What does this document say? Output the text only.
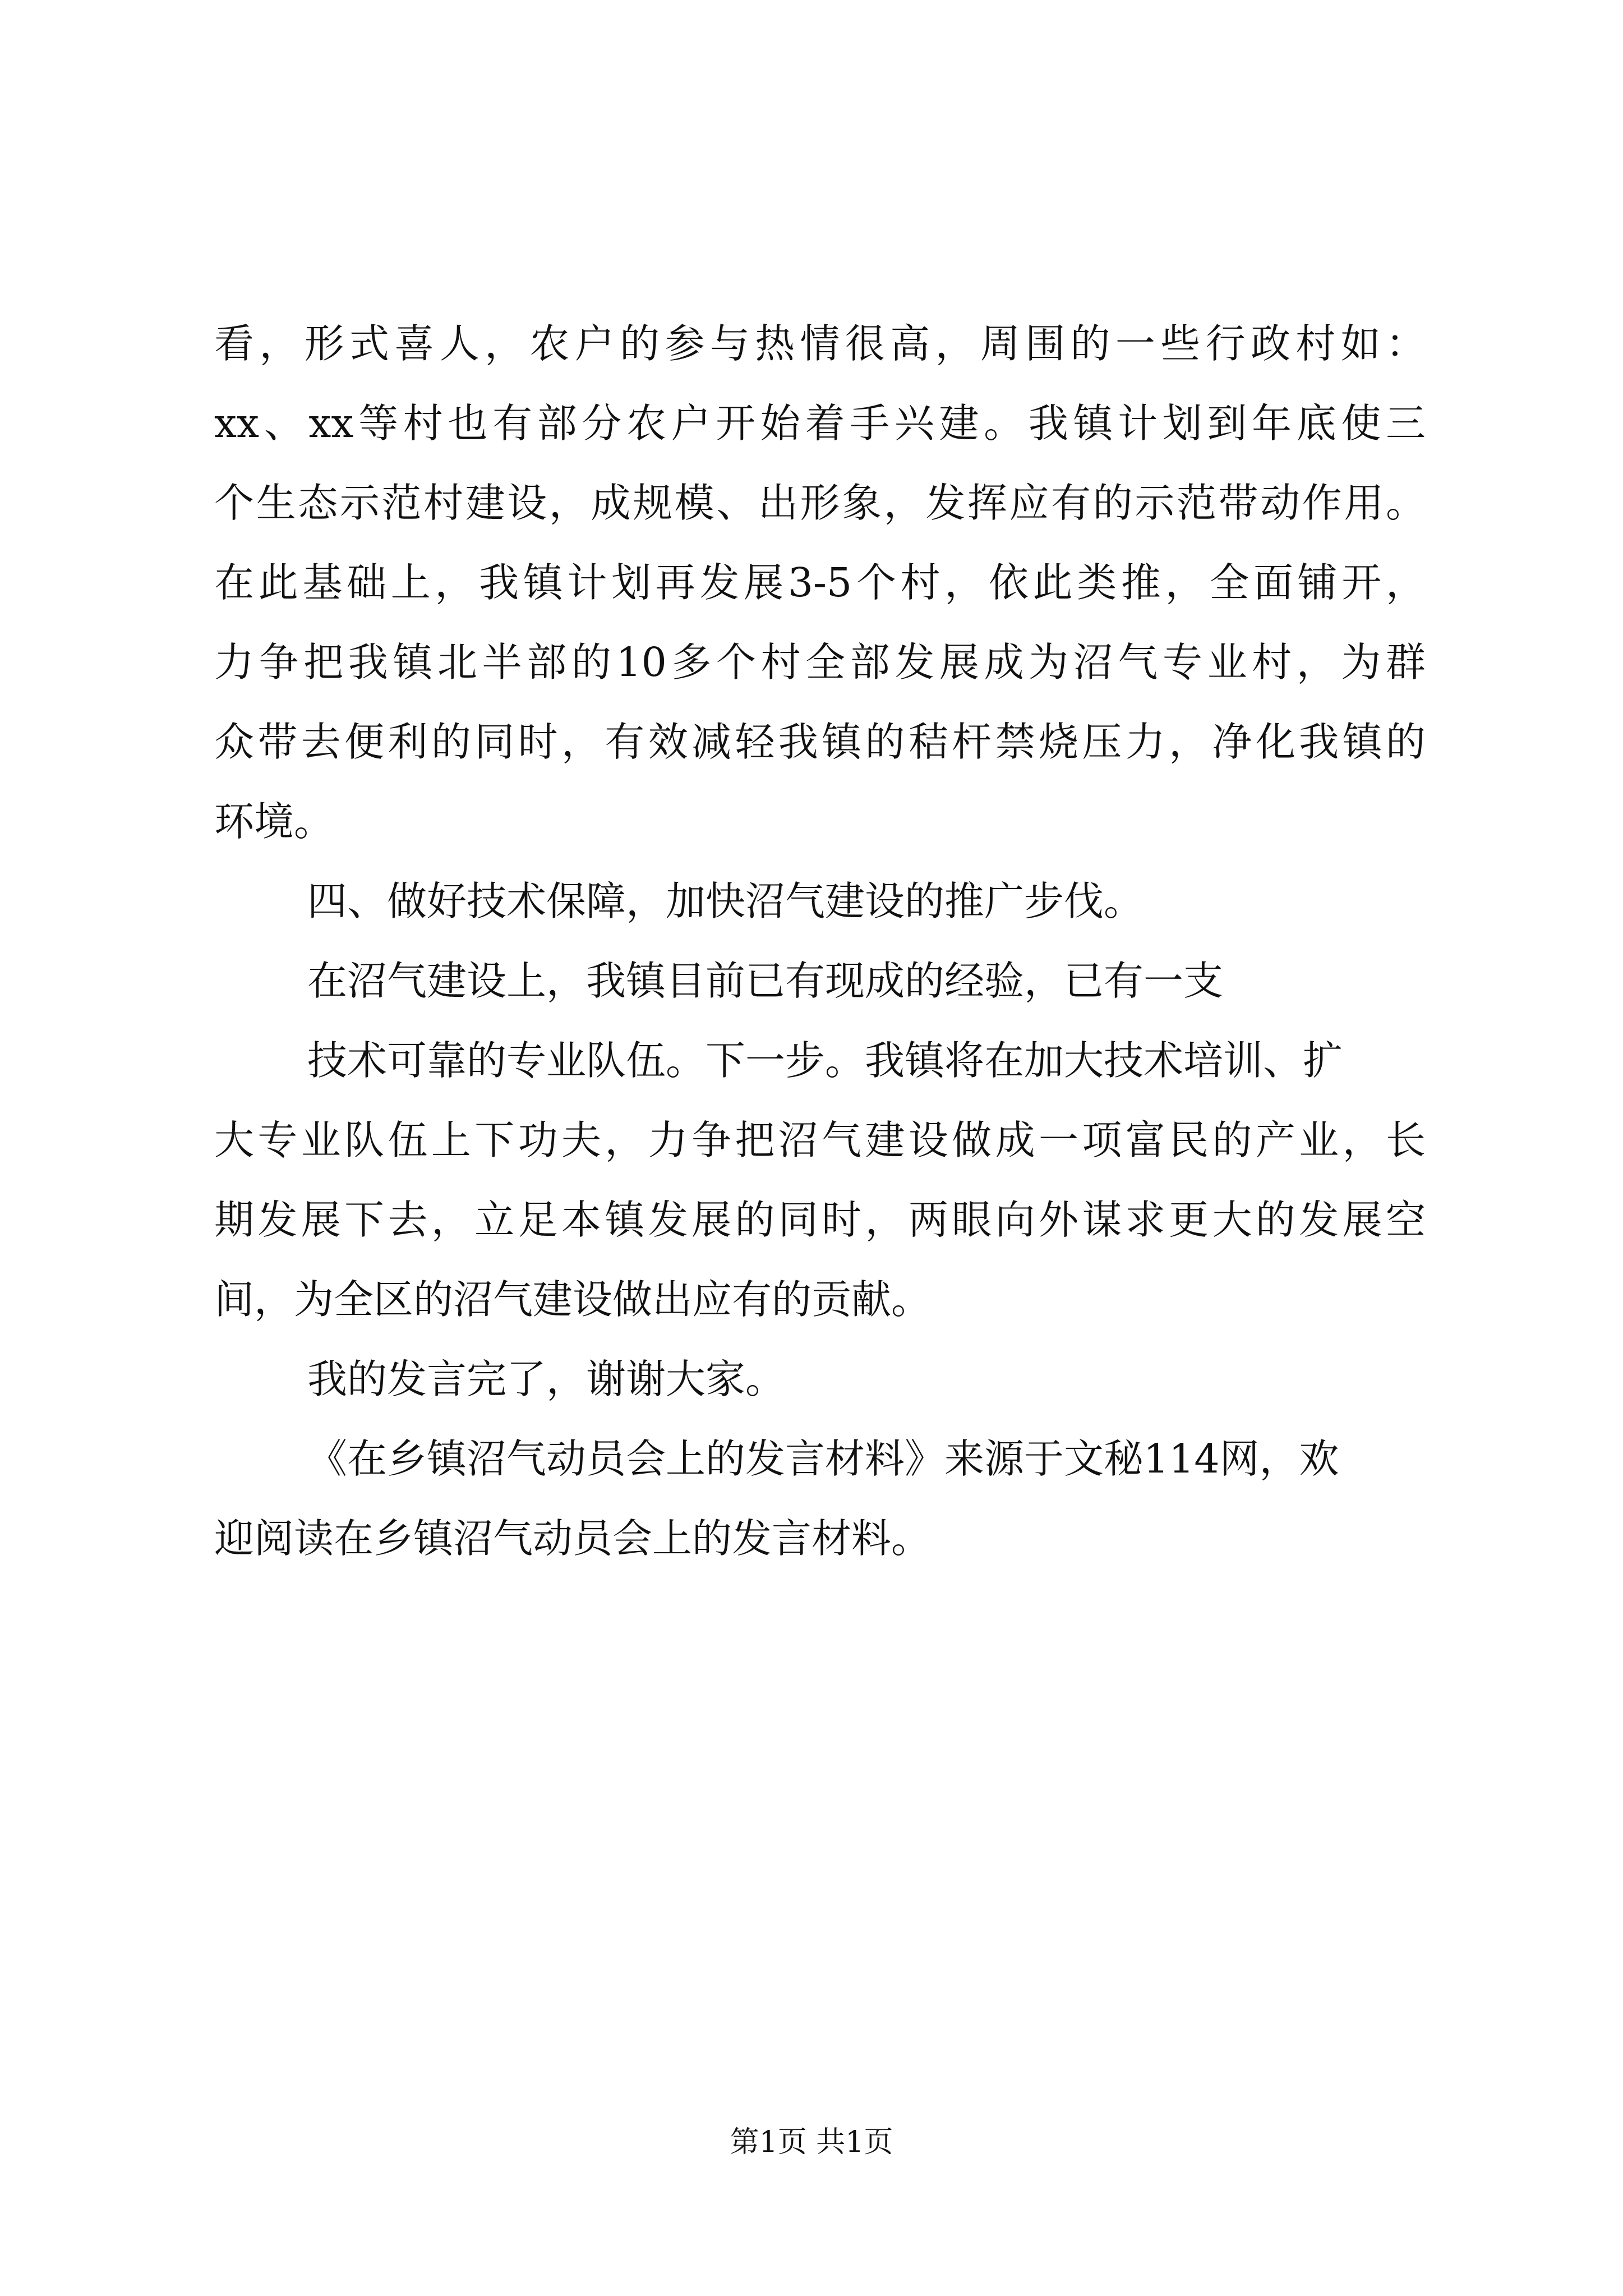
看，形式喜人，农户的参与热情很高，周围的一些行政村如：
xx、xx等村也有部分农户开始着手兴建。我镇计划到年底使三
个生态示范村建设，成规模、出形象，发挥应有的示范带动作用。
在此基础上，我镇计划再发展3-5个村，依此类推，全面铺开，
力争把我镇北半部的10多个村全部发展成为沼气专业村，为群
众带去便利的同时，有效减轻我镇的秸杆禁烧压力，净化我镇的
环境。
四、做好技术保障，加快沼气建设的推广步伐。
在沼气建设上，我镇目前已有现成的经验，已有一支
技术可靠的专业队伍。下一步。我镇将在加大技术培训、扩
大专业队伍上下功夫，力争把沼气建设做成一项富民的产业，长
期发展下去，立足本镇发展的同时，两眼向外谋求更大的发展空
间，为全区的沼气建设做出应有的贡献。
我的发言完了，谢谢大家。
《在乡镇沼气动员会上的发言材料》来源于文秘114网，欢
迎阅读在乡镇沼气动员会上的发言材料。
第1页 共1页
